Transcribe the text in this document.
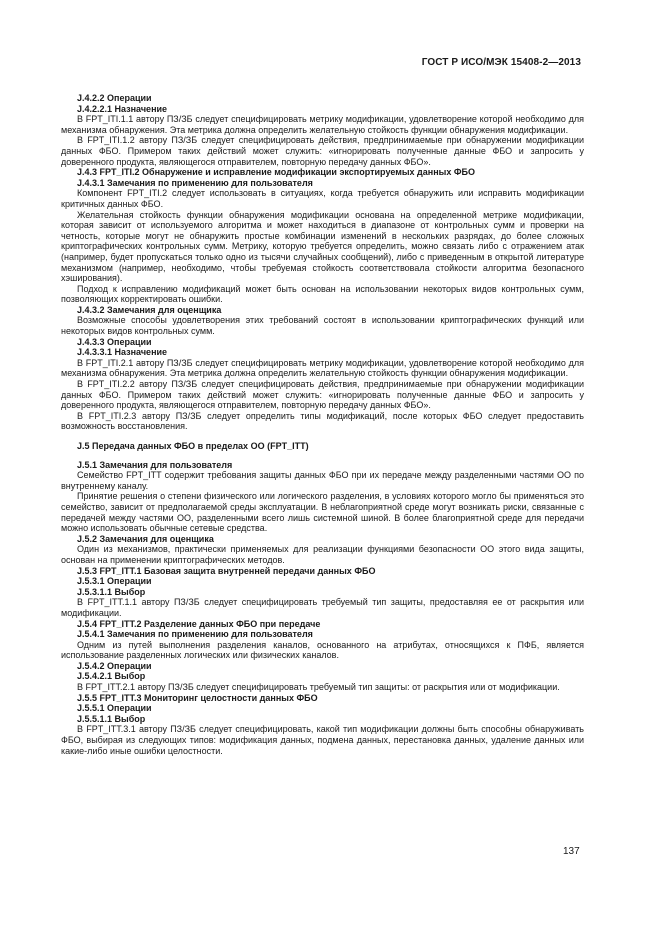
ГОСТ Р ИСО/МЭК 15408-2—2013

J.4.2.2 Операции

J.4.2.2.1 Назначение

В FPT_ITI.1.1 автору ПЗ/ЗБ следует специфицировать метрику модификации, удовлетворение которой необходимо для механизма обнаружения. Эта метрика должна определить желательную стойкость функции обнаружения модификации.

В FPT_ITI.1.2 автору ПЗ/ЗБ следует специфицировать действия, предпринимаемые при обнаружении модификации данных ФБО. Примером таких действий может служить: «игнорировать полученные данные ФБО и запросить у доверенного продукта, являющегося отправителем, повторную передачу данных ФБО».

J.4.3 FPT_ITI.2 Обнаружение и исправление модификации экспортируемых данных ФБО

J.4.3.1 Замечания по применению для пользователя

Компонент FPT_ITI.2 следует использовать в ситуациях, когда требуется обнаружить или исправить модификации критичных данных ФБО.

Желательная стойкость функции обнаружения модификации основана на определенной метрике модификации, которая зависит от используемого алгоритма и может находиться в диапазоне от контрольных сумм и проверки на четность, которые могут не обнаружить простые комбинации изменений в нескольких разрядах, до более сложных криптографических контрольных сумм. Метрику, которую требуется определить, можно связать либо с отражением атак (например, будет пропускаться только одно из тысячи случайных сообщений), либо с приведенным в открытой литературе механизмом (например, необходимо, чтобы требуемая стойкость соответствовала стойкости алгоритма безопасного хэширования).

Подход к исправлению модификаций может быть основан на использовании некоторых видов контрольных сумм, позволяющих корректировать ошибки.

J.4.3.2 Замечания для оценщика

Возможные способы удовлетворения этих требований состоят в использовании криптографических функций или некоторых видов контрольных сумм.

J.4.3.3 Операции

J.4.3.3.1 Назначение

В FPT_ITI.2.1 автору ПЗ/ЗБ следует специфицировать метрику модификации, удовлетворение которой необходимо для механизма обнаружения. Эта метрика должна определить желательную стойкость функции обнаружения модификации.

В FPT_ITI.2.2 автору ПЗ/ЗБ следует специфицировать действия, предпринимаемые при обнаружении модификации данных ФБО. Примером таких действий может служить: «игнорировать полученные данные ФБО и запросить у доверенного продукта, являющегося отправителем, повторную передачу данных ФБО».

В FPT_ITI.2.3 автору ПЗ/ЗБ следует определить типы модификаций, после которых ФБО следует предоставить возможность восстановления.

J.5 Передача данных ФБО в пределах ОО (FPT_ITT)

J.5.1 Замечания для пользователя

Семейство FPT_ITT содержит требования защиты данных ФБО при их передаче между разделенными частями ОО по внутреннему каналу.

Принятие решения о степени физического или логического разделения, в условиях которого могло бы применяться это семейство, зависит от предполагаемой среды эксплуатации. В неблагоприятной среде могут возникать риски, связанные с передачей между частями ОО, разделенными всего лишь системной шиной. В более благоприятной среде для передачи можно использовать обычные сетевые средства.

J.5.2 Замечания для оценщика

Один из механизмов, практически применяемых для реализации функциями безопасности ОО этого вида защиты, основан на применении криптографических методов.

J.5.3 FPT_ITT.1 Базовая защита внутренней передачи данных ФБО

J.5.3.1 Операции

J.5.3.1.1 Выбор

В FPT_ITT.1.1 автору ПЗ/ЗБ следует специфицировать требуемый тип защиты, предоставляя ее от раскрытия или модификации.

J.5.4 FPT_ITT.2 Разделение данных ФБО при передаче

J.5.4.1 Замечания по применению для пользователя

Одним из путей выполнения разделения каналов, основанного на атрибутах, относящихся к ПФБ, является использование разделенных логических или физических каналов.

J.5.4.2 Операции

J.5.4.2.1 Выбор

В FPT_ITT.2.1 автору ПЗ/ЗБ следует специфицировать требуемый тип защиты: от раскрытия или от модификации.

J.5.5 FPT_ITT.3 Мониторинг целостности данных ФБО

J.5.5.1 Операции

J.5.5.1.1 Выбор

В FPT_ITT.3.1 автору ПЗ/ЗБ следует специфицировать, какой тип модификации должны быть способны обнаруживать ФБО, выбирая из следующих типов: модификация данных, подмена данных, перестановка данных, удаление данных или какие-либо иные ошибки целостности.

137
